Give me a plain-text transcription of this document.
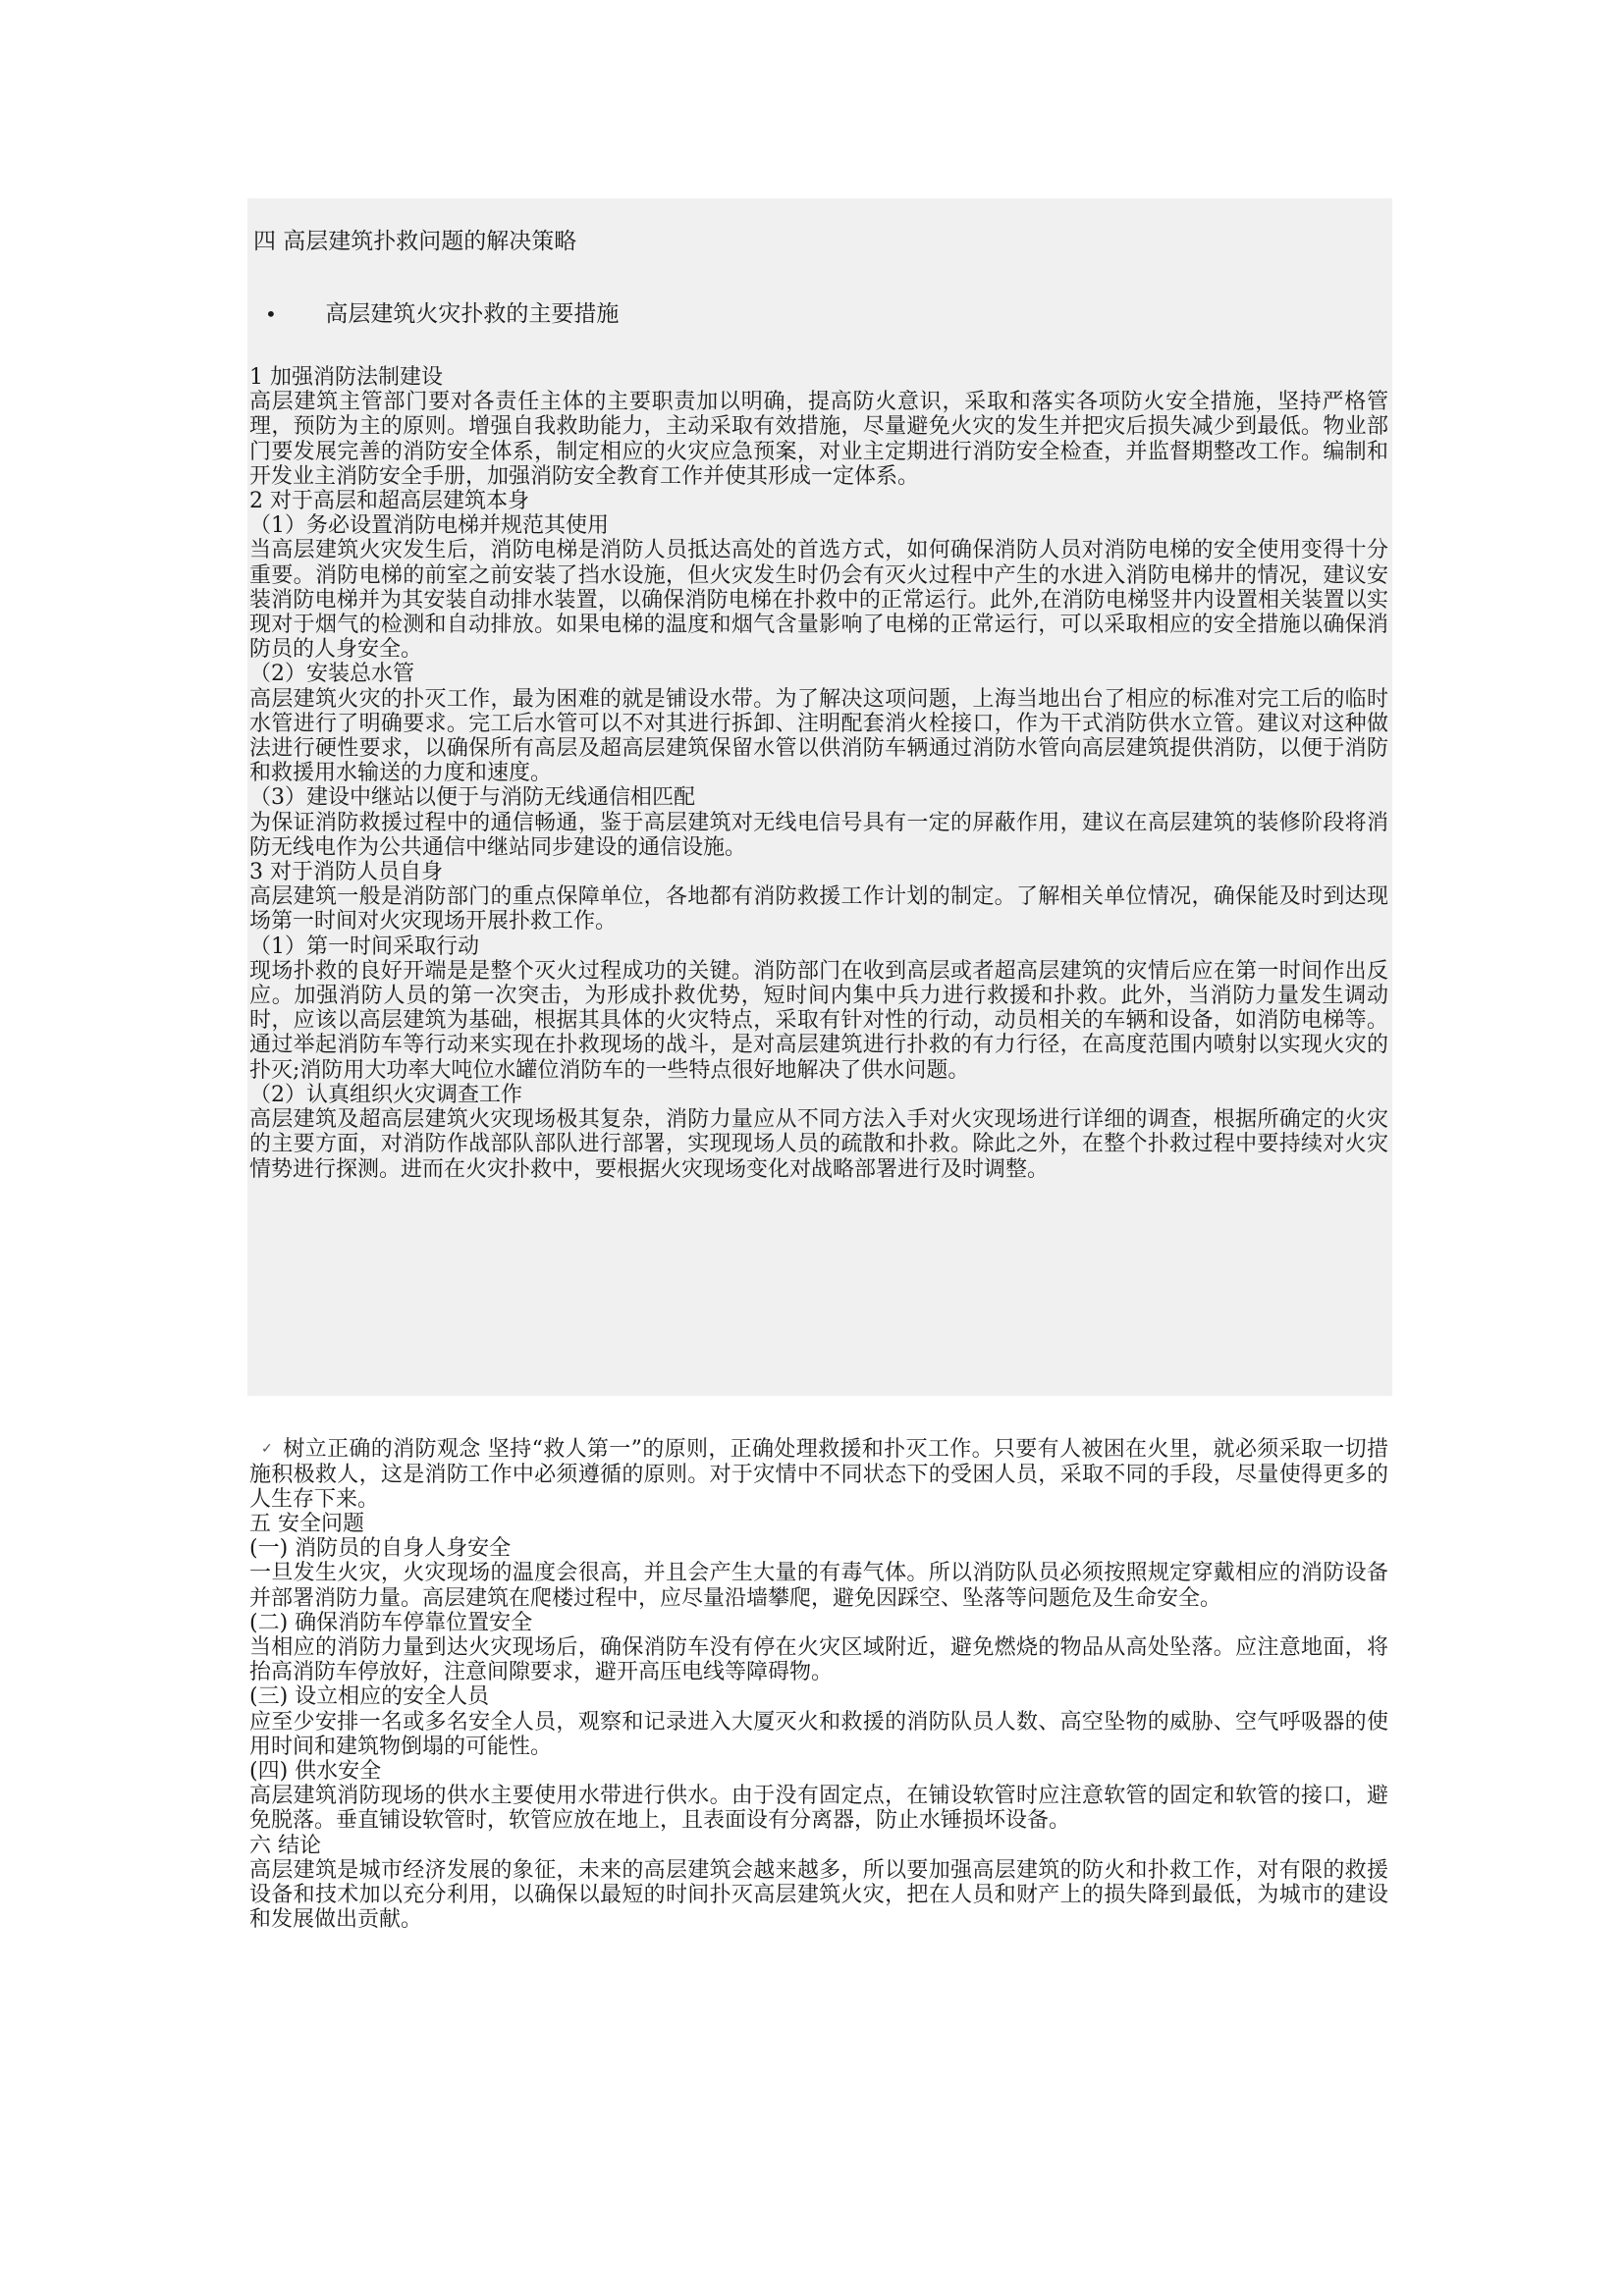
四 高层建筑扑救问题的解决策略
• 高层建筑火灾扑救的主要措施

1 加强消防法制建设

高层建筑主管部门要对各责任主体的主要职责加以明确，提高防火意识，采取和落实各项防火安全措施，坚持严格管理，预防为主的原则。增强自我救助能力，主动采取有效措施，尽量避免火灾的发生并把灾后损失减少到最低。物业部门要发展完善的消防安全体系，制定相应的火灾应急预案，对业主定期进行消防安全检查，并监督期整改工作。编制和开发业主消防安全手册，加强消防安全教育工作并使其形成一定体系。

2 对于高层和超高层建筑本身

（1）务必设置消防电梯并规范其使用

当高层建筑火灾发生后，消防电梯是消防人员抵达高处的首选方式，如何确保消防人员对消防电梯的安全使用变得十分重要。消防电梯的前室之前安装了挡水设施，但火灾发生时仍会有灭火过程中产生的水进入消防电梯井的情况，建议安装消防电梯并为其安装自动排水装置，以确保消防电梯在扑救中的正常运行。此外,在消防电梯竖井内设置相关装置以实现对于烟气的检测和自动排放。如果电梯的温度和烟气含量影响了电梯的正常运行，可以采取相应的安全措施以确保消防员的人身安全。

（2）安装总水管

高层建筑火灾的扑灭工作，最为困难的就是铺设水带。为了解决这项问题，上海当地出台了相应的标准对完工后的临时水管进行了明确要求。完工后水管可以不对其进行拆卸、注明配套消火栓接口，作为干式消防供水立管。建议对这种做法进行硬性要求，以确保所有高层及超高层建筑保留水管以供消防车辆通过消防水管向高层建筑提供消防，以便于消防和救援用水输送的力度和速度。

（3）建设中继站以便于与消防无线通信相匹配

为保证消防救援过程中的通信畅通，鉴于高层建筑对无线电信号具有一定的屏蔽作用，建议在高层建筑的装修阶段将消防无线电作为公共通信中继站同步建设的通信设施。

3 对于消防人员自身

高层建筑一般是消防部门的重点保障单位，各地都有消防救援工作计划的制定。了解相关单位情况，确保能及时到达现场第一时间对火灾现场开展扑救工作。

（1）第一时间采取行动

现场扑救的良好开端是是整个灭火过程成功的关键。消防部门在收到高层或者超高层建筑的灾情后应在第一时间作出反应。加强消防人员的第一次突击，为形成扑救优势，短时间内集中兵力进行救援和扑救。此外，当消防力量发生调动时，应该以高层建筑为基础，根据其具体的火灾特点，采取有针对性的行动，动员相关的车辆和设备，如消防电梯等。通过举起消防车等行动来实现在扑救现场的战斗，是对高层建筑进行扑救的有力行径，在高度范围内喷射以实现火灾的扑灭;消防用大功率大吨位水罐位消防车的一些特点很好地解决了供水问题。

（2）认真组织火灾调查工作

高层建筑及超高层建筑火灾现场极其复杂，消防力量应从不同方法入手对火灾现场进行详细的调查，根据所确定的火灾的主要方面，对消防作战部队部队进行部署，实现现场人员的疏散和扑救。除此之外，在整个扑救过程中要持续对火灾情势进行探测。进而在火灾扑救中，要根据火灾现场变化对战略部署进行及时调整。

✓ 树立正确的消防观念 坚持“救人第一”的原则，正确处理救援和扑灭工作。只要有人被困在火里，就必须采取一切措施积极救人，这是消防工作中必须遵循的原则。对于灾情中不同状态下的受困人员，采取不同的手段，尽量使得更多的人生存下来。

五 安全问题

(一) 消防员的自身人身安全

一旦发生火灾，火灾现场的温度会很高，并且会产生大量的有毒气体。所以消防队员必须按照规定穿戴相应的消防设备并部署消防力量。高层建筑在爬楼过程中，应尽量沿墙攀爬，避免因踩空、坠落等问题危及生命安全。

(二) 确保消防车停靠位置安全

当相应的消防力量到达火灾现场后，确保消防车没有停在火灾区域附近，避免燃烧的物品从高处坠落。应注意地面，将抬高消防车停放好，注意间隙要求，避开高压电线等障碍物。

(三) 设立相应的安全人员

应至少安排一名或多名安全人员，观察和记录进入大厦灭火和救援的消防队员人数、高空坠物的威胁、空气呼吸器的使用时间和建筑物倒塌的可能性。

(四) 供水安全

高层建筑消防现场的供水主要使用水带进行供水。由于没有固定点，在铺设软管时应注意软管的固定和软管的接口，避免脱落。垂直铺设软管时，软管应放在地上，且表面设有分离器，防止水锤损坏设备。

六 结论

高层建筑是城市经济发展的象征，未来的高层建筑会越来越多，所以要加强高层建筑的防火和扑救工作，对有限的救援设备和技术加以充分利用，以确保以最短的时间扑灭高层建筑火灾，把在人员和财产上的损失降到最低，为城市的建设和发展做出贡献。
